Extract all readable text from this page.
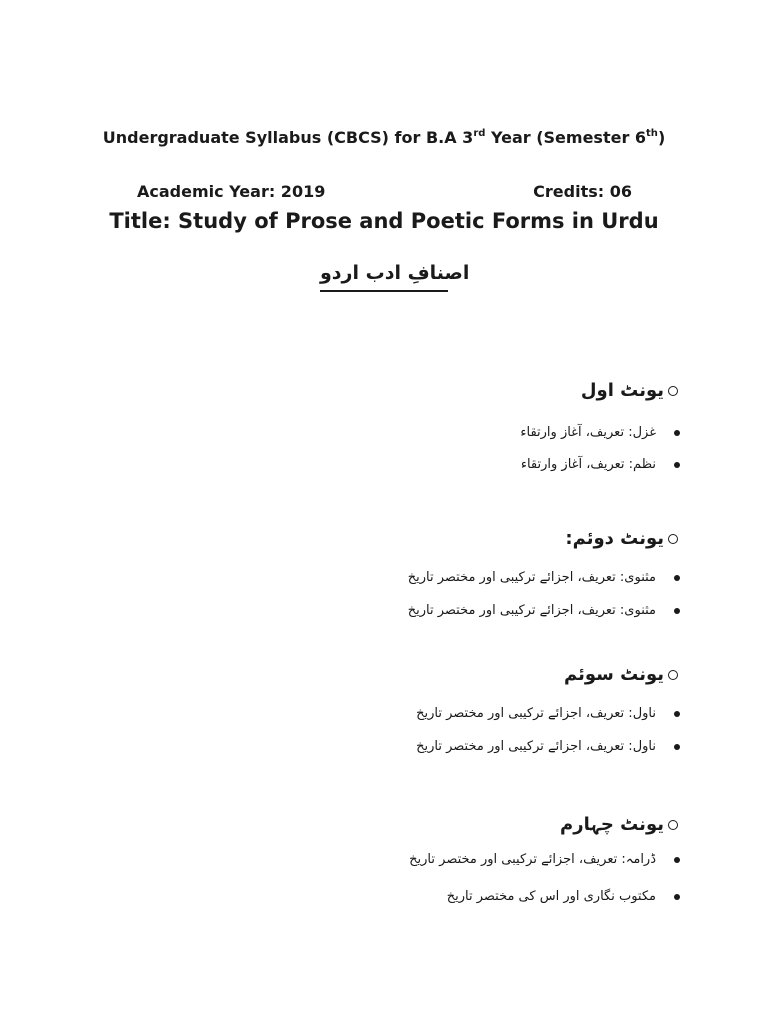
Undergraduate Syllabus (CBCS) for B.A 3rd Year (Semester 6th)
Academic Year: 2019	Credits: 06
Title: Study of Prose and Poetic Forms in Urdu
اصنافِ ادب اردو
یونٹ اول
غزل: تعریف، آغاز وارتقاء
نظم: تعریف، آغاز وارتقاء
یونٹ دوئم:
مثنوی: تعریف، اجزائے ترکیبی اور مختصر تاریخ
مثنوی: تعریف، اجزائے ترکیبی اور مختصر تاریخ
یونٹ سوئم
ناول: تعریف، اجزائے ترکیبی اور مختصر تاریخ
ناول: تعریف، اجزائے ترکیبی اور مختصر تاریخ
یونٹ چہارم
ڈرامہ: تعریف، اجزائے ترکیبی اور مختصر تاریخ
مکتوب نگاری اور اس کی مختصر تاریخ
